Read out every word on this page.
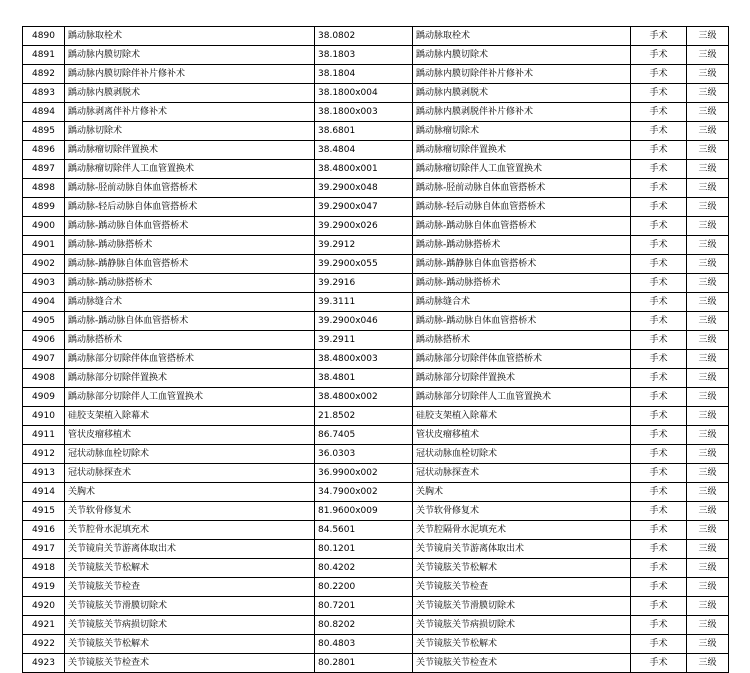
4890	踽动脉取栓术	38.0802	踽动脉取栓术	手术	三级
4891	踽动脉内膜切除术	38.1803	踽动脉内膜切除术	手术	三级
4892	踽动脉内膜切除伴补片修补术	38.1804	踽动脉内膜切除伴补片修补术	手术	三级
4893	踽动脉内膜剥脱术	38.1800x004	踽动脉内膜剥脱术	手术	三级
4894	踽动脉剥离伴补片修补术	38.1800x003	踽动脉内膜剥脱伴补片修补术	手术	三级
4895	踽动脉切除术	38.6801	踽动脉瘤切除术	手术	三级
4896	踽动脉瘤切除伴置换术	38.4804	踽动脉瘤切除伴置换术	手术	三级
4897	踽动脉瘤切除伴人工血管置换术	38.4800x001	踽动脉瘤切除伴人工血管置换术	手术	三级
4898	踽动脉-胫前动脉自体血管搭桥术	39.2900x048	踽动脉-胫前动脉自体血管搭桥术	手术	三级
4899	踽动脉-轻后动脉自体血管搭桥术	39.2900x047	踽动脉-轻后动脉自体血管搭桥术	手术	三级
4900	踽动脉-踽动脉自体血管搭桥术	39.2900x026	踽动脉-踽动脉自体血管搭桥术	手术	三级
4901	踽动脉-踽动脉搭桥术	39.2912	踽动脉-踽动脉搭桥术	手术	三级
4902	踽动脉-踽静脉自体血管搭桥术	39.2900x055	踽动脉-踽静脉自体血管搭桥术	手术	三级
4903	踽动脉-踽动脉搭桥术	39.2916	踽动脉-踽动脉搭桥术	手术	三级
4904	踽动脉缝合术	39.3111	踽动脉缝合术	手术	三级
4905	踽动脉-踽动脉自体血管搭桥术	39.2900x046	踽动脉-踽动脉自体血管搭桥术	手术	三级
4906	踽动脉搭桥术	39.2911	踽动脉搭桥术	手术	三级
4907	踽动脉部分切除伴体血管搭桥术	38.4800x003	踽动脉部分切除伴体血管搭桥术	手术	三级
4908	踽动脉部分切除伴置换术	38.4801	踽动脉部分切除伴置换术	手术	三级
4909	踽动脉部分切除伴人工血管置换术	38.4800x002	踽动脉部分切除伴人工血管置换术	手术	三级
4910	硅胶支架植入除幕术	21.8502	硅胶支架植入除幕术	手术	三级
4911	管状皮瘤移植术	86.7405	管状皮瘤移植术	手术	三级
4912	冠状动脉血栓切除术	36.0303	冠状动脉血栓切除术	手术	三级
4913	冠状动脉探查术	36.9900x002	冠状动脉探查术	手术	三级
4914	关胸术	34.7900x002	关胸术	手术	三级
4915	关节软骨修复术	81.9600x009	关节软骨修复术	手术	三级
4916	关节腔骨水泥填充术	84.5601	关节腔隔骨水泥填充术	手术	三级
4917	关节镜肩关节游离体取出术	80.1201	关节镜肩关节游离体取出术	手术	三级
4918	关节镜胘关节松解术	80.4202	关节镜胘关节松解术	手术	三级
4919	关节镜胘关节检查	80.2200	关节镜胘关节检查	手术	三级
4920	关节镜胘关节滑膜切除术	80.7201	关节镜胘关节滑膜切除术	手术	三级
4921	关节镜胘关节病损切除术	80.8202	关节镜胘关节病损切除术	手术	三级
4922	关节镜胘关节松解术	80.4803	关节镜胘关节松解术	手术	三级
4923	关节镜胘关节检查术	80.2801	关节镜胘关节检查术	手术	三级
